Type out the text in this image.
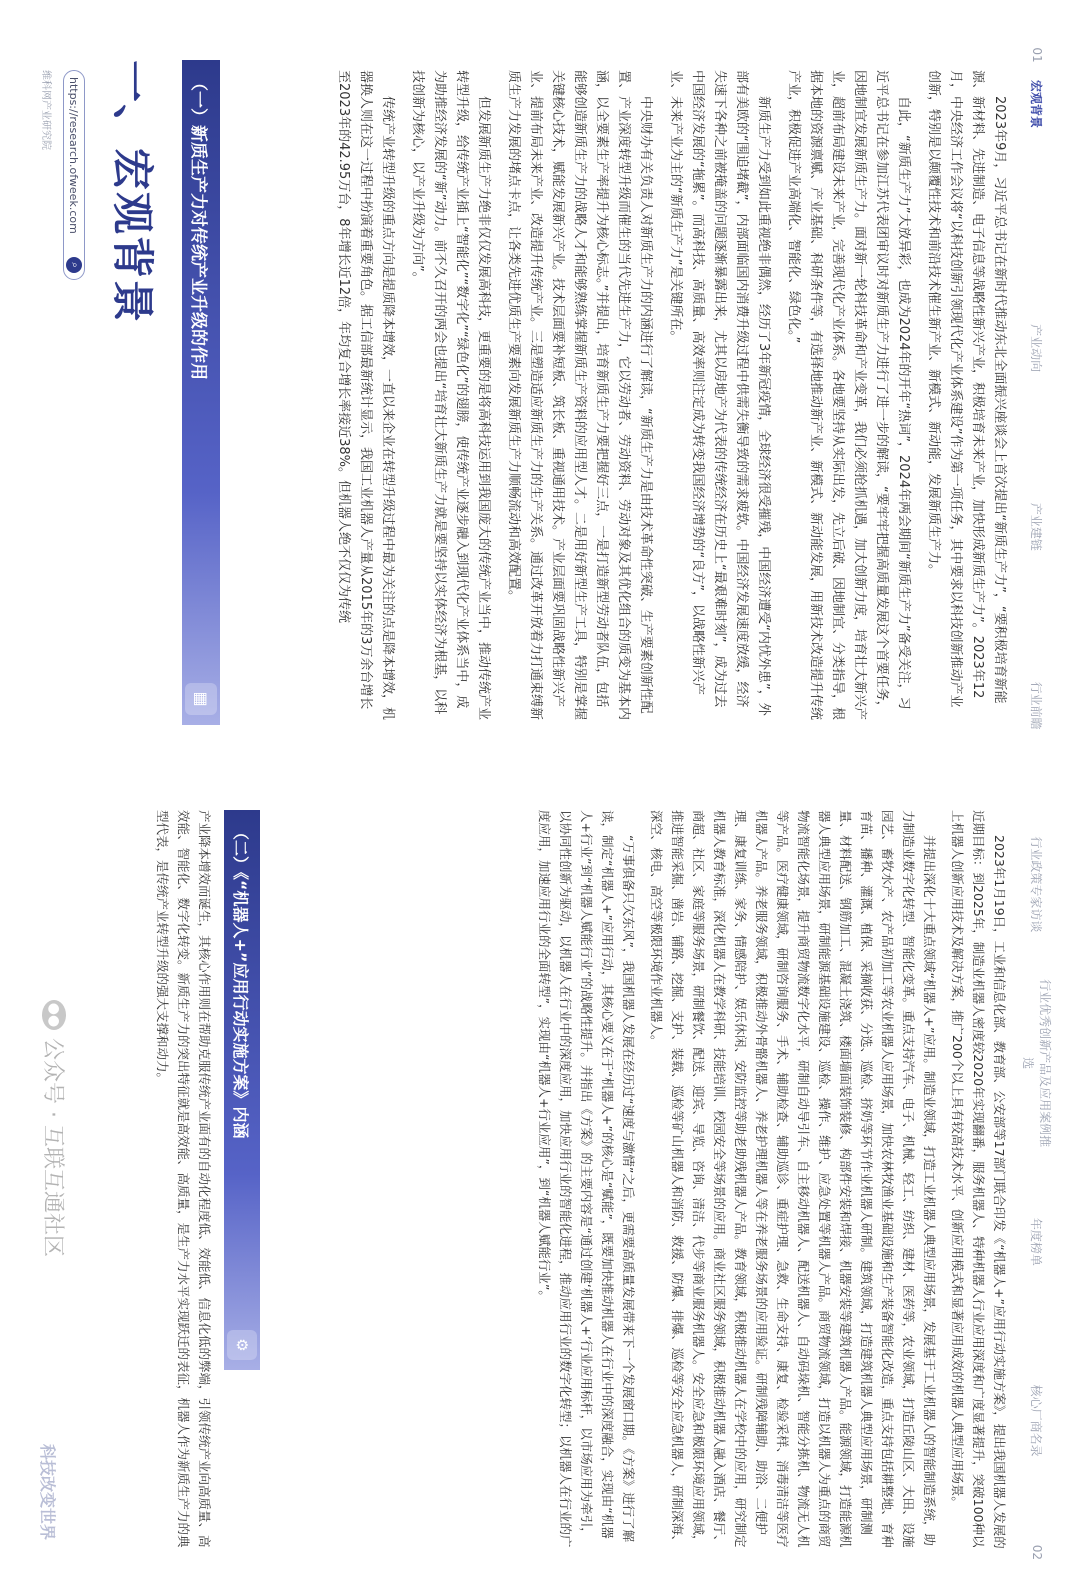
01
宏观背景
产业动向
产业建链
行业前瞻
行业政策专家访谈
行业优秀创新产品及应用案例推选
年度榜单
核心厂商名录
02

2023年9月，习近平总书记在新时代推动东北全面振兴座谈会上首次提出“新质生产力”，“要积极培育新能源、新材料、先进制造、电子信息等战略性新兴产业，积极培育未来产业，加快形成新质生产力”。2023年12月，中央经济工作会议将“以科技创新引领现代化产业体系建设”作为第一项任务，其中要求以科技创新推动产业创新，特别是以颠覆性技术和前沿技术催生新产业、新模式、新动能，发展新质生产力。

自此，“新质生产力”大放异彩，也成为2024年的开年“热词”，2024年两会期间“新质生产力”备受关注，习近平总书记在参加江苏代表团审议时对新质生产力进行了进一步的解读，“要牢牢把握高质量发展这个首要任务，因地制宜发展新质生产力。面对新一轮科技革命和产业变革，我们必须抢抓机遇，加大创新力度，培育壮大新兴产业，超前布局建设未来产业，完善现代化产业体系。各地要坚持从实际出发，先立后破、因地制宜、分类指导，根据本地的资源禀赋、产业基础、科研条件等，有选择地推动新产业、新模式、新动能发展，用新技术改造提升传统产业，积极促进产业高端化、智能化、绿色化。”

新质生产力受到如此重视绝非偶然，经历了3年新冠疫情，全球经济很受摧残，中国经济遭受“内忧外患”，外部有美欧的“围追堵截”，内部面临国内消费升级过程中供需失衡导致的需求疲软。中国经济发展速度放缓，经济失速下各种之前被掩盖的问题逐渐暴露出来，尤其以房地产为代表的传统经济在历史上“最艰难时刻”，成为过去中国经济发展的“拖累”。而高科技、高质量、高效率则注定成为转变我国经济增势的“良方”，以战略性新兴产业、未来产业为主的“新质生产力”是关键所在。

中央财办有关负责人对新质生产力的内涵进行了解读，“新质生产力是由技术革命性突破、生产要素创新性配置、产业深度转型升级而催生的当代先进生产力，它以劳动者、劳动资料、劳动对象及其优化组合的质变为基本内涵，以全要素生产率提升为核心标志。”并提出，培育新质生产力要把握好三点，一是打造新型劳动者队伍，包括能够创造新质生产力的战略人才和能够熟练掌握新质生产资料的应用型人才。二是用好新型生产工具，特别是掌握关键核心技术，赋能发展新兴产业。技术层面要补短板、筑长板、重视通用技术。产业层面要巩固战略性新兴产业、提前布局未来产业、改造提升传统产业。三是塑造适应新质生产力的生产关系。通过改革开放着力打通束缚新质生产力发展的堵点卡点，让各类先进优质生产要素向发展新质生产力顺畅流动和高效配置。

但发展新质生产力绝非仅仅发展高科技，更重要的是将高科技运用到我国庞大的传统产业当中，推动传统产业转型升级，给传统产业插上“智能化”“数字化”“绿色化”的翅膀，使传统产业逐步融入到现代化产业体系当中，成为助推经济发展的“新”动力。前不久召开的两会也提出“培育壮大新质生产力就是要坚持以实体经济为根基，以科技创新为核心，以产业升级为方向”。

传统产业转型升级的重点方向是提质降本增效，一直以来企业在转型升级过程中最为关注的点是降本增效，机器换人则在这一过程中扮演着重要角色。据工信部最新统计显示，我国工业机器人产量从2015年的3万余台增长至2023年的42.95万台，8年增长近12倍，年均复合增长率接近38%。但机器人绝不仅仅为传统

（一）新质生产力对传统产业升级的作用
▦
一、宏观背景
https://research.ofweek.com
⌕
维科网产业研究院

2023年1月19日，工业和信息化部、教育部、公安部等17部门联合印发《“机器人+”应用行动实施方案》，提出我国机器人发展的近期目标：到2025年，制造业机器人密度较2020年实现翻番，服务机器人、特种机器人行业应用深度和广度显著提升，突破100种以上机器人创新应用技术及解决方案，推广200个以上具有较高技术水平、创新应用模式和显著应用成效的机器人典型应用场景。

并提出深化十大重点领域“机器人+”应用。制造业领域，打造工业机器人典型应用场景，发展基于工业机器人的智能制造系统，助力制造业数字化转型、智能化变革。重点支持汽车、电子、机械、轻工、纺织、建材、医药等，农业领域，打造丘陵山区、大田、设施园艺、畜牧水产、农产品初加工等农业机器人应用场景，加快农林牧渔业基础设施和生产装备智能化改造，重点支持包括耕整地、育种育苗、播种、灌溉、植保、采摘收获、分选、巡检、挤奶等环节作业机器人研制。建筑领域，打造建筑机器人典型应用场景，研制测量、材料配送、钢筋加工、混凝土浇筑、楼面墙面装饰装修、构部件安装和焊接、机器安装等建筑机器人产品。能源领域，打造能源机器人典型应用场景，研制能源基础设施建设、巡检、操作、维护、应急处置等机器人产品。商贸物流领域，打造以机器人为重点的商贸物流智能化场景，提升商贸物流数字化水平，研制自动导引车、自主移动机器人、配送机器人、自动码垛机、智能分拣机、物流无人机等产品。医疗健康领域，研制咨询服务、手术、辅助检查、辅助巡诊、重症护理、急救、生命支持、康复、检验采样、消毒清洁等医疗机器人产品。养老服务领域，积极推动外骨骼机器人、养老护理机器人等在养老服务场景的应用验证。研制残障辅助、助浴、二便护理、康复训练、家务、情感陪护、娱乐休闲、安防监控等助老助残机器人产品。教育领域，积极推动机器人在学校中的应用，研究制定机器人教育标准，深化机器人在教学科研、技能培训、校园安全等场景的应用。商业社区服务领域，积极推动机器人融入酒店、餐厅、商超、社区、家庭等服务场景，研制餐饮、配送、迎宾、导览、咨询、清洁、代步等商业服务机器人。安全应急和极限环境应用领域，推进智能采掘、凿岩、铺路、挖掘、支护、装载、巡检等矿山机器人和消防、救援、防爆、排爆、巡检等安全应急机器人，研制深海、深空、核电、高空等极限环境作业机器人。

“万事俱备只欠东风”，我国机器人发展在经历过“速度与激情”之后，更需要高质量发展带来下一个发展窗口期。《方案》进行了解读，制定“机器人+”应用行动，其核心要义在于“机器人+”的核心是“赋能”，既要加快推动机器人在行业中的深度融合，实现由“机器人+行业”到“机器人赋能行业”的战略性提升。并指出《方案》的主要内容是“通过创建‘机器人+’行业应用标杆，以市场应用为牵引，以协同性创新为驱动，以机器人在行业中的深度应用，加快应用行业的智能化进程，推动应用行业的数字化转型；以机器人在行业的广度应用，加速应用行业的全面转型”，实现由“机器人+行业应用”，到“机器人赋能行业”。

（二）《“机器人+”应用行动实施方案》内涵
⚙

产业降本增效而诞生，其核心作用则在帮助克服传统产业面有的自动化程度低、效能低、信息化低的弊端，引领传统产业向高质量、高效能、智能化、数字化转变。新质生产力的突出特征就是高效能、高质量，是生产力水平实现跃迁的表征，机器人作为新质生产力的典型代表，是传统产业转型升级的强大支撑和动力。

科技改变世界
●●
公众号 · 互联互通社区
